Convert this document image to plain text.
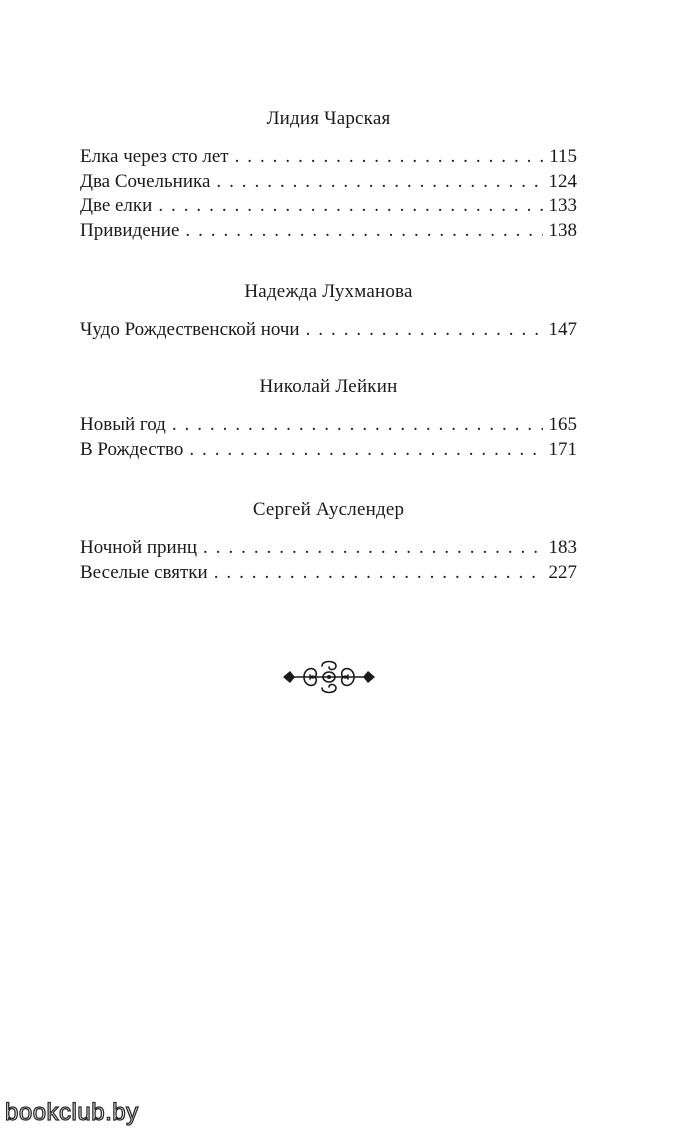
Лидия Чарская
Елка через сто лет . . .	115
Два Сочельника . . .	124
Две елки . . .	133
Привидение . . .	138
Надежда Лухманова
Чудо Рождественской ночи . . .	147
Николай Лейкин
Новый год . . .	165
В Рождество . . .	171
Сергей Ауслендер
Ночной принц . . .	183
Веселые святки . . .	227
bookclub.by
